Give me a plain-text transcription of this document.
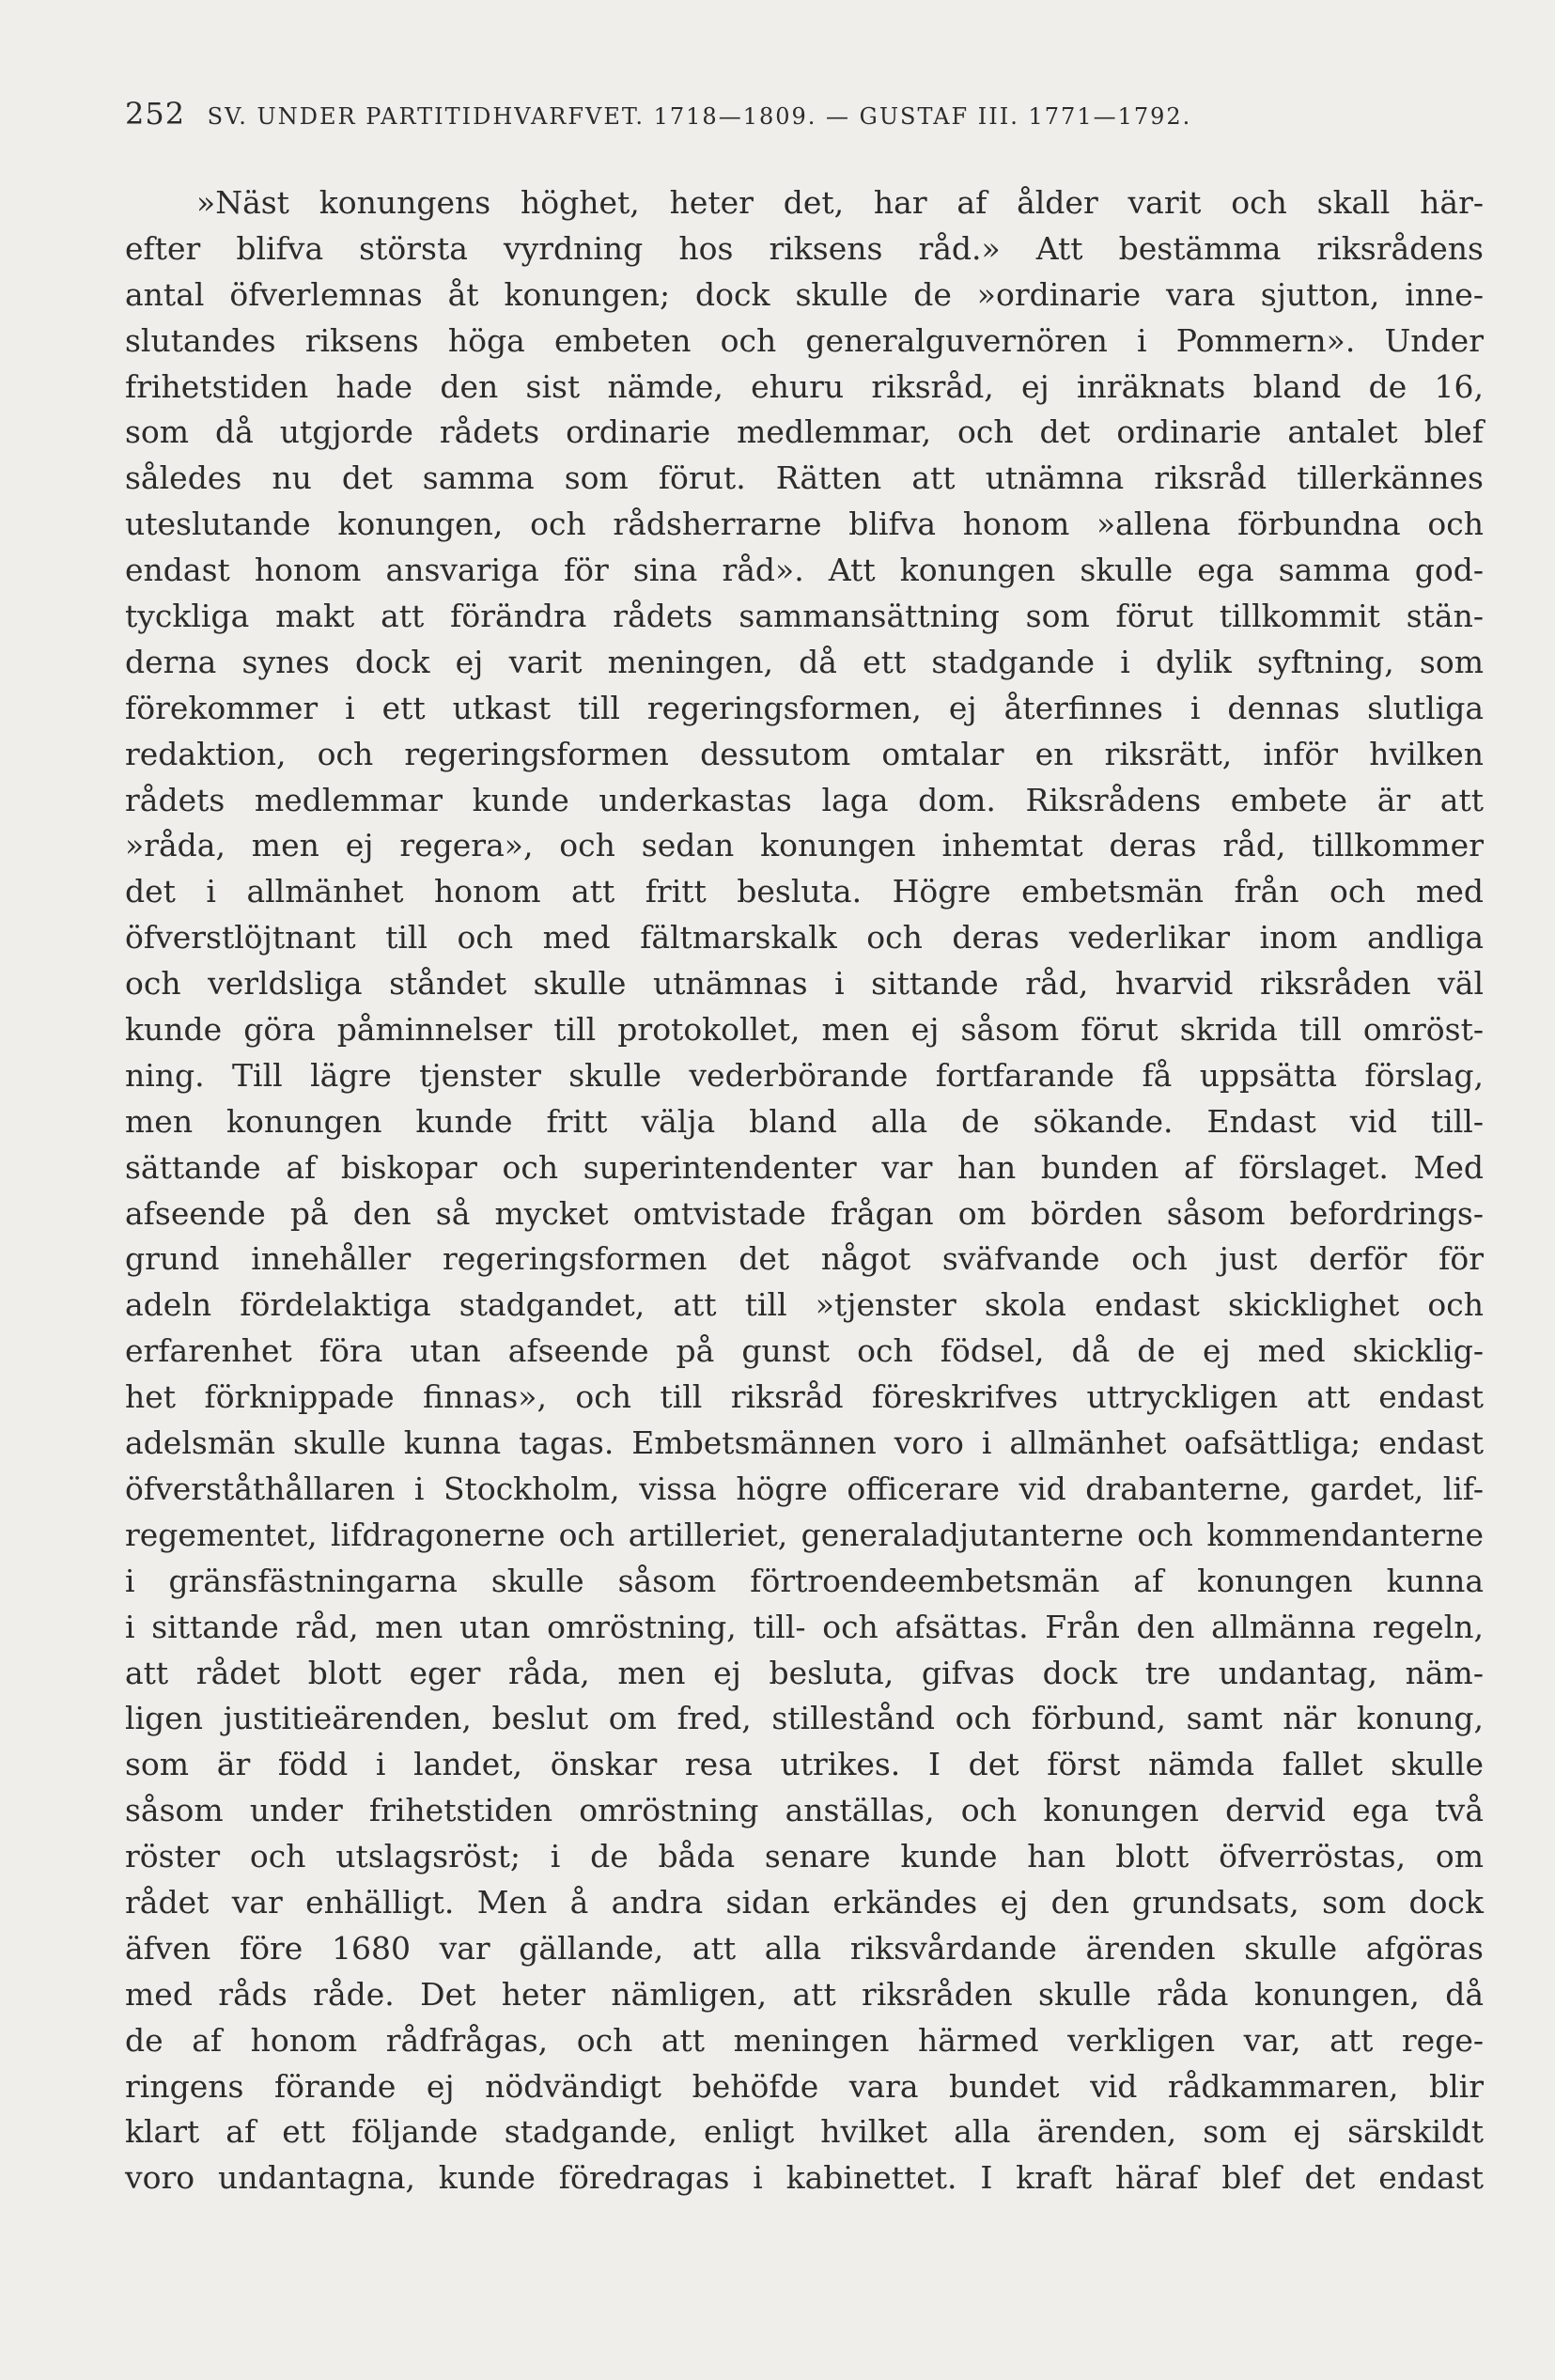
252 SV. UNDER PARTITIDHVARFVET. 1718—1809. — GUSTAF III. 1771—1792.
»Näst konungens höghet, heter det, har af ålder varit och skall här-
efter blifva största vyrdning hos riksens råd.» Att bestämma riksrådens
antal öfverlemnas åt konungen; dock skulle de »ordinarie vara sjutton, inne-
slutandes riksens höga embeten och generalguvernören i Pommern». Under
frihetstiden hade den sist nämde, ehuru riksråd, ej inräknats bland de 16,
som då utgjorde rådets ordinarie medlemmar, och det ordinarie antalet blef
således nu det samma som förut. Rätten att utnämna riksråd tillerkännes
uteslutande konungen, och rådsherrarne blifva honom »allena förbundna och
endast honom ansvariga för sina råd». Att konungen skulle ega samma god-
tyckliga makt att förändra rådets sammansättning som förut tillkommit stän-
derna synes dock ej varit meningen, då ett stadgande i dylik syftning, som
förekommer i ett utkast till regeringsformen, ej återfinnes i dennas slutliga
redaktion, och regeringsformen dessutom omtalar en riksrätt, inför hvilken
rådets medlemmar kunde underkastas laga dom. Riksrådens embete är att
»råda, men ej regera», och sedan konungen inhemtat deras råd, tillkommer
det i allmänhet honom att fritt besluta. Högre embetsmän från och med
öfverstlöjtnant till och med fältmarskalk och deras vederlikar inom andliga
och verldsliga ståndet skulle utnämnas i sittande råd, hvarvid riksråden väl
kunde göra påminnelser till protokollet, men ej såsom förut skrida till omröst-
ning. Till lägre tjenster skulle vederbörande fortfarande få uppsätta förslag,
men konungen kunde fritt välja bland alla de sökande. Endast vid till-
sättande af biskopar och superintendenter var han bunden af förslaget. Med
afseende på den så mycket omtvistade frågan om börden såsom befordrings-
grund innehåller regeringsformen det något sväfvande och just derför för
adeln fördelaktiga stadgandet, att till »tjenster skola endast skicklighet och
erfarenhet föra utan afseende på gunst och födsel, då de ej med skicklig-
het förknippade finnas», och till riksråd föreskrifves uttryckligen att endast
adelsmän skulle kunna tagas. Embetsmännen voro i allmänhet oafsättliga; endast
öfverståthållaren i Stockholm, vissa högre officerare vid drabanterne, gardet, lif-
regementet, lifdragonerne och artilleriet, generaladjutanterne och kommendanterne
i gränsfästningarna skulle såsom förtroendeembetsmän af konungen kunna
i sittande råd, men utan omröstning, till- och afsättas. Från den allmänna regeln,
att rådet blott eger råda, men ej besluta, gifvas dock tre undantag, näm-
ligen justitieärenden, beslut om fred, stillestånd och förbund, samt när konung,
som är född i landet, önskar resa utrikes. I det först nämda fallet skulle
såsom under frihetstiden omröstning anställas, och konungen dervid ega två
röster och utslagsröst; i de båda senare kunde han blott öfverröstas, om
rådet var enhälligt. Men å andra sidan erkändes ej den grundsats, som dock
äfven före 1680 var gällande, att alla riksvårdande ärenden skulle afgöras
med råds råde. Det heter nämligen, att riksråden skulle råda konungen, då
de af honom rådfrågas, och att meningen härmed verkligen var, att rege-
ringens förande ej nödvändigt behöfde vara bundet vid rådkammaren, blir
klart af ett följande stadgande, enligt hvilket alla ärenden, som ej särskildt
voro undantagna, kunde föredragas i kabinettet. I kraft häraf blef det endast
